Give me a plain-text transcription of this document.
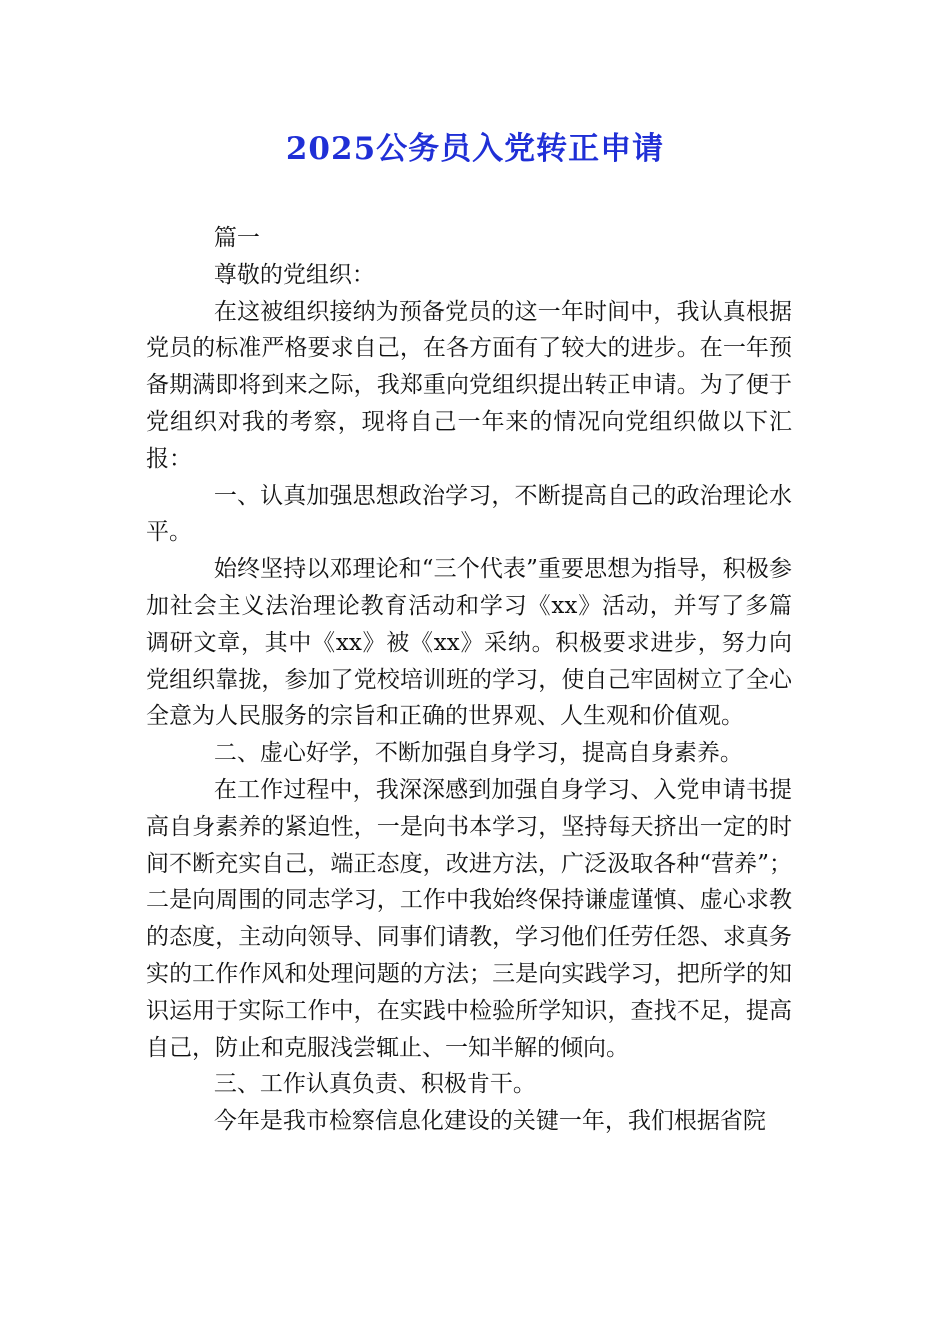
2025公务员入党转正申请

篇一

尊敬的党组织：

在这被组织接纳为预备党员的这一年时间中，我认真根据党员的标准严格要求自己，在各方面有了较大的进步。在一年预备期满即将到来之际，我郑重向党组织提出转正申请。为了便于党组织对我的考察，现将自己一年来的情况向党组织做以下汇报：

一、认真加强思想政治学习，不断提高自己的政治理论水平。

始终坚持以邓理论和“三个代表”重要思想为指导，积极参加社会主义法治理论教育活动和学习《xx》活动，并写了多篇调研文章，其中《xx》被《xx》采纳。积极要求进步，努力向党组织靠拢，参加了党校培训班的学习，使自己牢固树立了全心全意为人民服务的宗旨和正确的世界观、人生观和价值观。

二、虚心好学，不断加强自身学习，提高自身素养。

在工作过程中，我深深感到加强自身学习、入党申请书提高自身素养的紧迫性，一是向书本学习，坚持每天挤出一定的时间不断充实自己，端正态度，改进方法，广泛汲取各种“营养”；二是向周围的同志学习，工作中我始终保持谦虚谨慎、虚心求教的态度，主动向领导、同事们请教，学习他们任劳任怨、求真务实的工作作风和处理问题的方法；三是向实践学习，把所学的知识运用于实际工作中，在实践中检验所学知识，查找不足，提高自己，防止和克服浅尝辄止、一知半解的倾向。

三、工作认真负责、积极肯干。

今年是我市检察信息化建设的关键一年，我们根据省院
